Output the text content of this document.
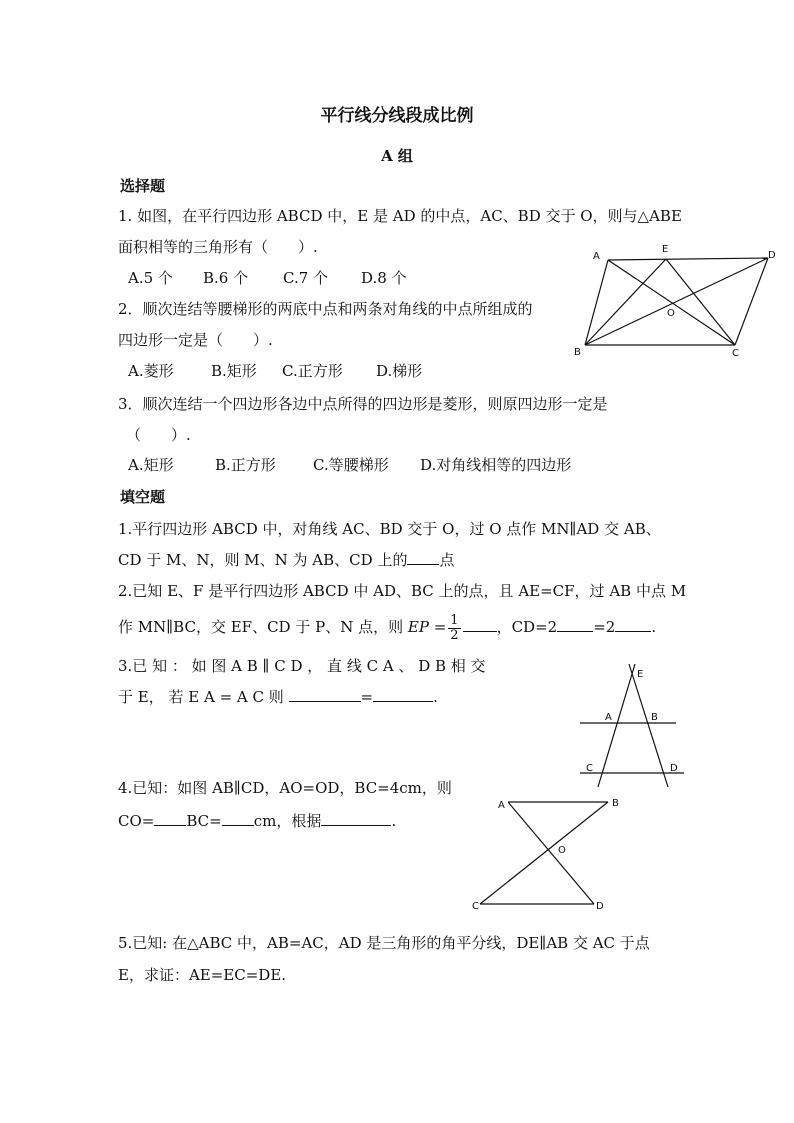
平行线分线段成比例
A 组
选择题
1. 如图，在平行四边形 ABCD 中，E 是 AD 的中点，AC、BD 交于 O，则与△ABE
面积相等的三角形有（　　）.
A.5 个 B.6 个 C.7 个 D.8 个
2．顺次连结等腰梯形的两底中点和两条对角线的中点所组成的
四边形一定是（　　）.
A.菱形 B.矩形 C.正方形 D.梯形
3．顺次连结一个四边形各边中点所得的四边形是菱形，则原四边形一定是
（　　）.
A.矩形	B.正方形 C.等腰梯形 D.对角线相等的四边形
A
E
D
B	C
O
填空题
1.平行四边形 ABCD 中，对角线 AC、BD 交于 O，过 O 点作 MN∥AD 交 AB、
CD 于 M、N，则 M、N 为 AB、CD 上的 点
2.已知 E、F 是平行四边形 ABCD 中 AD、BC 上的点，且 AE=CF，过 AB 中点 M
作 MN∥BC，交 EF、CD 于 P、N 点，则 EP = $\frac{1}{2}$ ，CD=2 =2 .
3.已 知 ： 如 图 A B ∥ C D ， 直 线 C A 、 D B 相 交
于 E， 若 E A = A C 则	=	.
E
A	B
C	D
4.已知：如图 AB∥CD，AO=OD，BC=4cm，则
CO= BC= cm，根据	.
A	B
O
C	D
5.已知: 在△ABC 中，AB=AC，AD 是三角形的角平分线，DE∥AB 交 AC 于点
E，求证：AE=EC=DE.
